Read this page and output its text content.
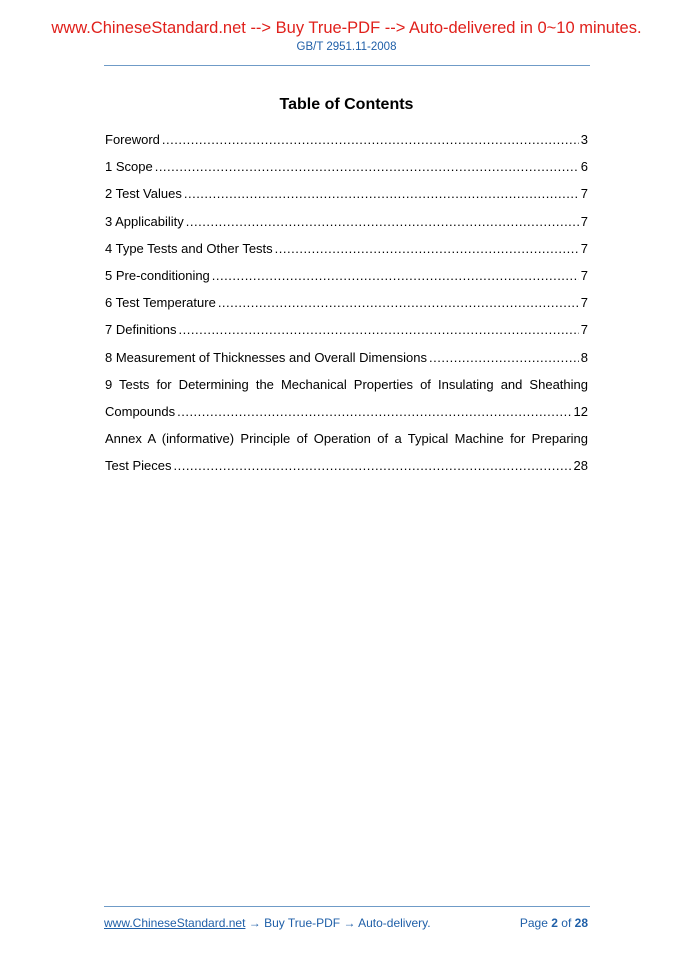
www.ChineseStandard.net --> Buy True-PDF --> Auto-delivered in 0~10 minutes.
GB/T 2951.11-2008
Table of Contents
Foreword .....	3
1 Scope .....	6
2 Test Values .....	7
3 Applicability .....	7
4 Type Tests and Other Tests .....	7
5 Pre-conditioning .....	7
6 Test Temperature .....	7
7 Definitions .....	7
8 Measurement of Thicknesses and Overall Dimensions .....	8
9 Tests for Determining the Mechanical Properties of Insulating and Sheathing
Compounds .....	12
Annex A (informative) Principle of Operation of a Typical Machine for Preparing
Test Pieces .....	28
www.ChineseStandard.net → Buy True-PDF → Auto-delivery.	Page 2 of 28
